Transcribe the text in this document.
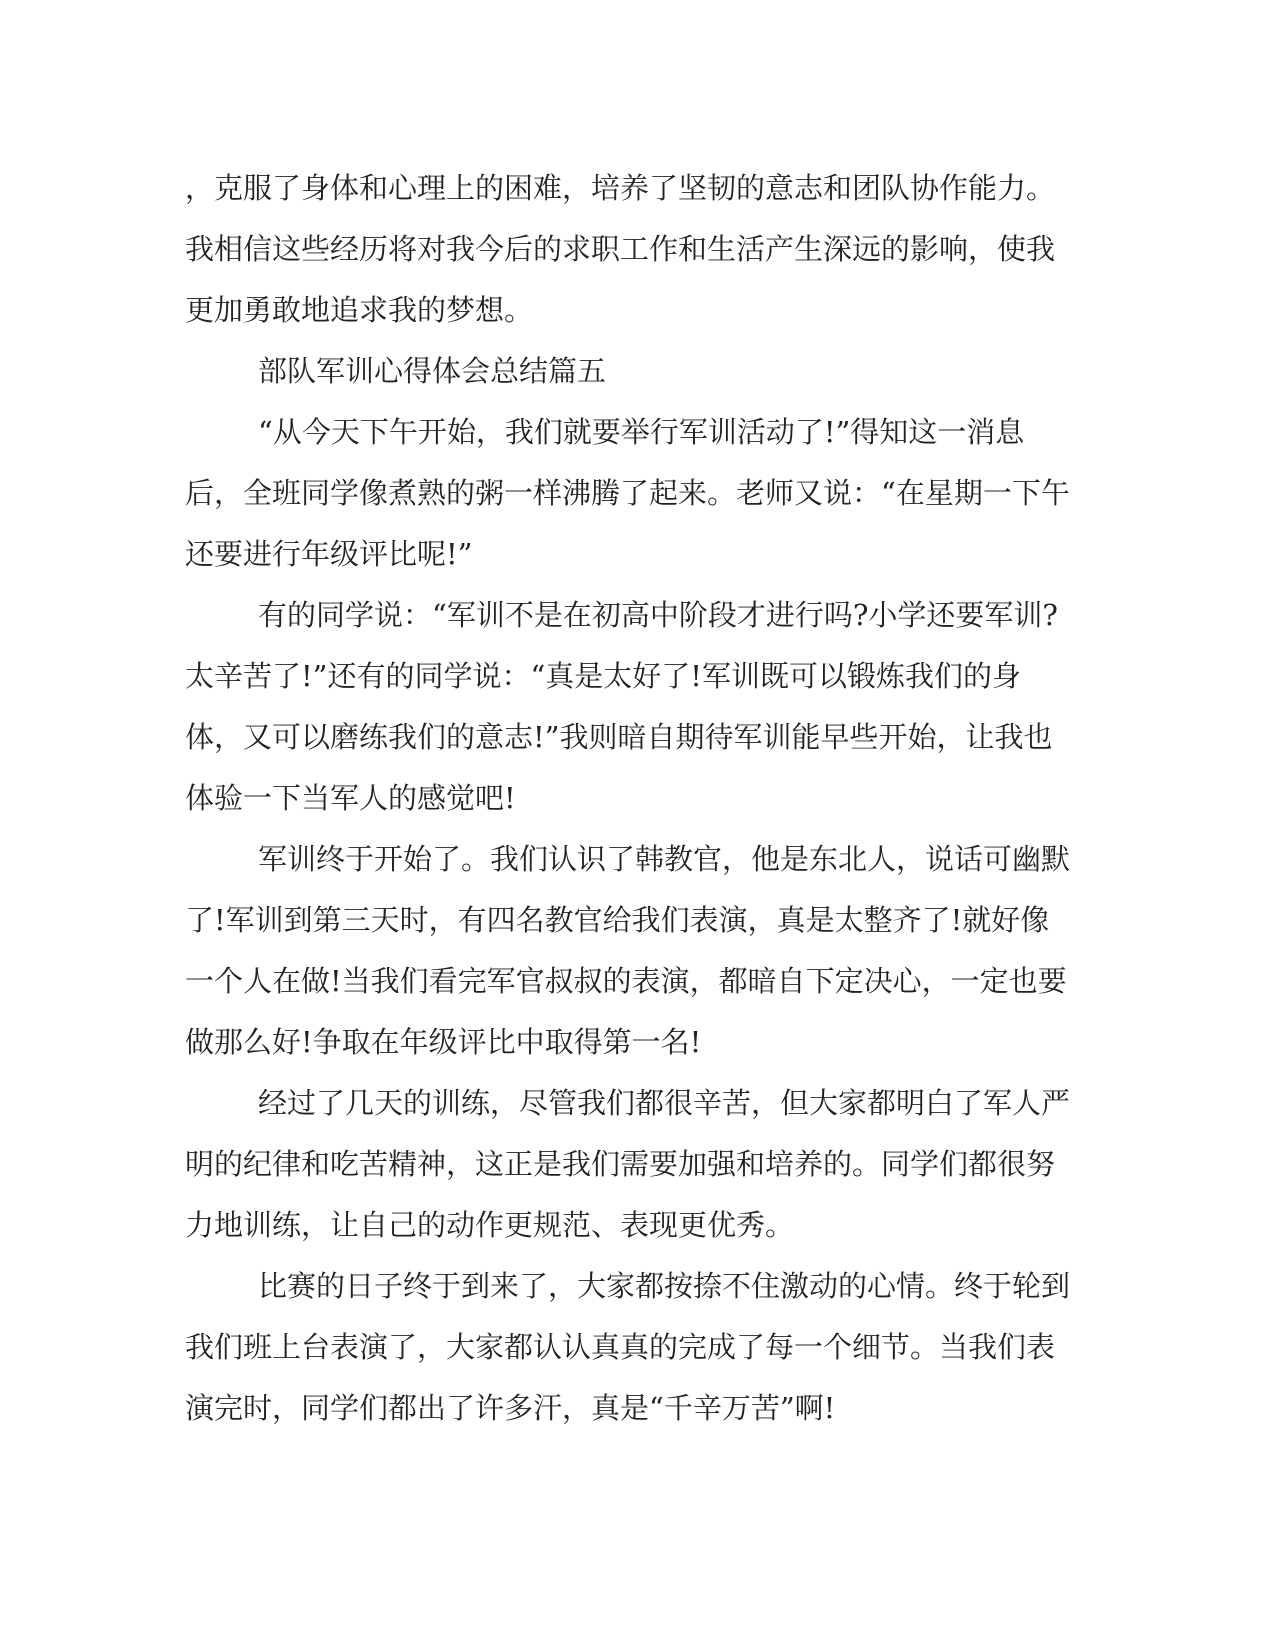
，克服了身体和心理上的困难，培养了坚韧的意志和团队协作能力。我相信这些经历将对我今后的求职工作和生活产生深远的影响，使我更加勇敢地追求我的梦想。

部队军训心得体会总结篇五

“从今天下午开始，我们就要举行军训活动了!”得知这一消息后，全班同学像煮熟的粥一样沸腾了起来。老师又说：“在星期一下午还要进行年级评比呢!”

有的同学说：“军训不是在初高中阶段才进行吗?小学还要军训?太辛苦了!”还有的同学说：“真是太好了!军训既可以锻炼我们的身体，又可以磨练我们的意志!”我则暗自期待军训能早些开始，让我也体验一下当军人的感觉吧!

军训终于开始了。我们认识了韩教官，他是东北人，说话可幽默了!军训到第三天时，有四名教官给我们表演，真是太整齐了!就好像一个人在做!当我们看完军官叔叔的表演，都暗自下定决心，一定也要做那么好!争取在年级评比中取得第一名!

经过了几天的训练，尽管我们都很辛苦，但大家都明白了军人严明的纪律和吃苦精神，这正是我们需要加强和培养的。同学们都很努力地训练，让自己的动作更规范、表现更优秀。

比赛的日子终于到来了，大家都按捺不住激动的心情。终于轮到我们班上台表演了，大家都认认真真的完成了每一个细节。当我们表演完时，同学们都出了许多汗，真是“千辛万苦”啊!
